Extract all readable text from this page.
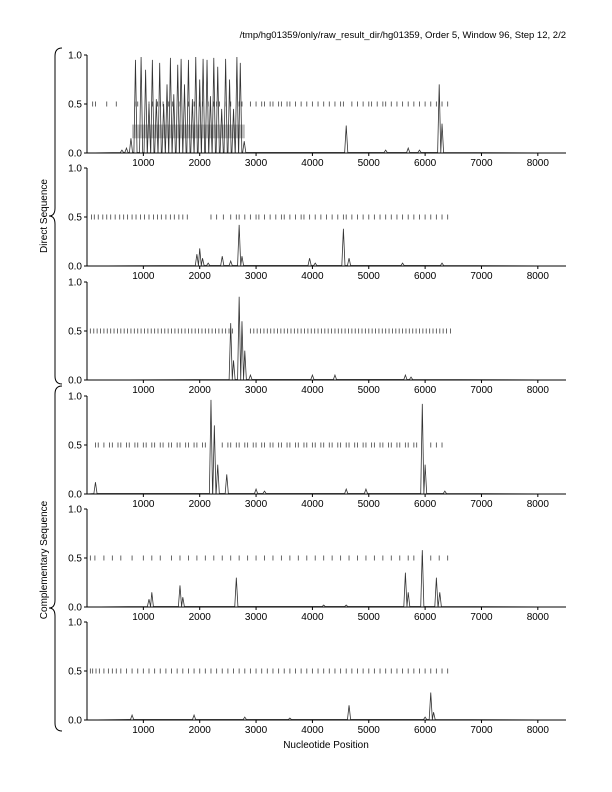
/tmp/hg01359/only/raw_result_dir/hg01359, Order 5, Window 96, Step 12, 2/2
Direct Sequence
Complementary Sequence
0.0
0.5
1.0
1000	2000	3000	4000	5000	6000	7000	8000
0.0
0.5
1.0
1000	2000	3000	4000	5000	6000	7000	8000
0.0
0.5
1.0
1000	2000	3000	4000	5000	6000	7000	8000
0.0
0.5
1.0
1000	2000	3000	4000	5000	6000	7000	8000
0.0
0.5
1.0
1000	2000	3000	4000	5000	6000	7000	8000
0.0
0.5
1.0
1000	2000	3000	4000	5000	6000	7000	8000
Nucleotide Position
